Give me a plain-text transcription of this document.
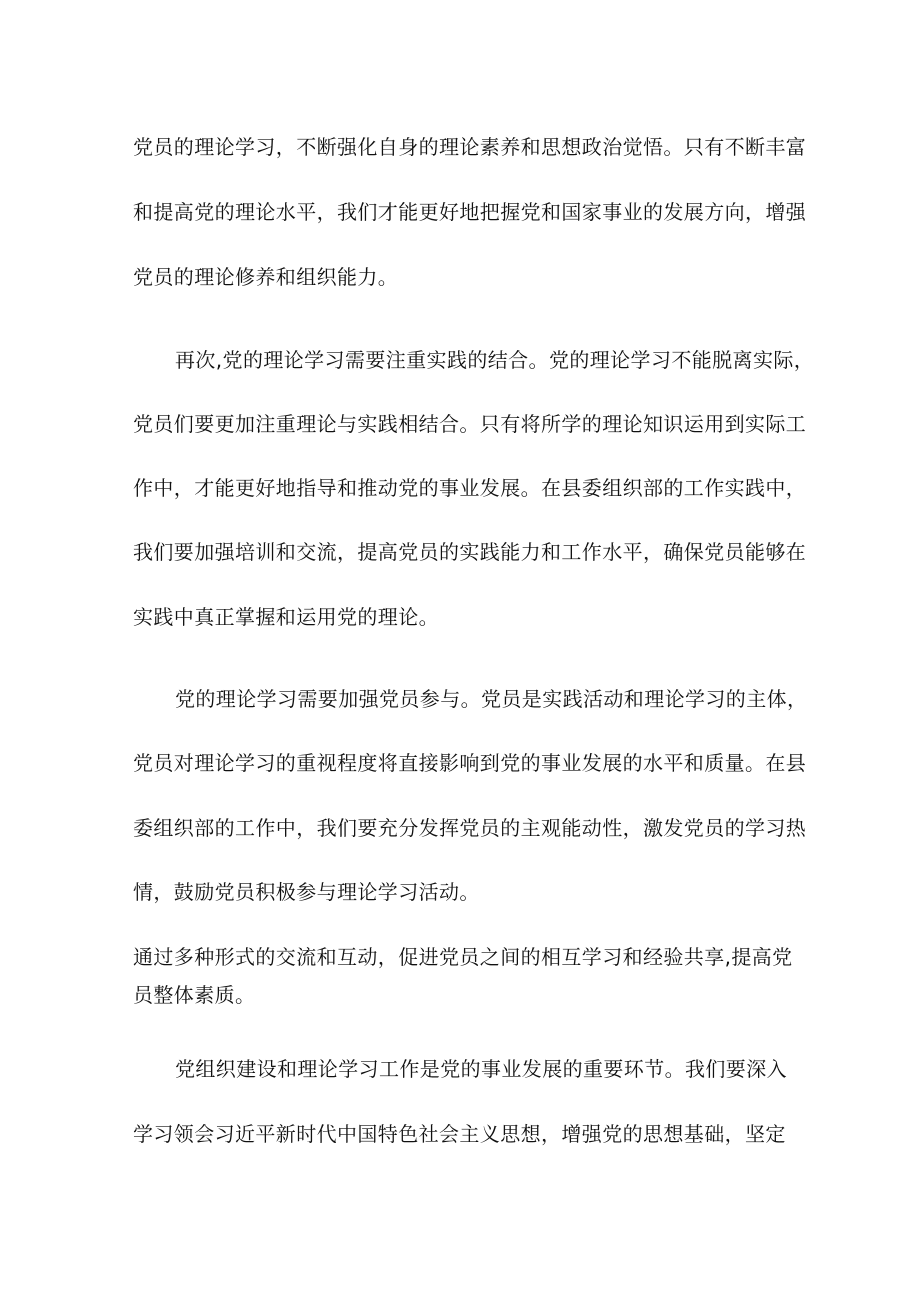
党员的理论学习，不断强化自身的理论素养和思想政治觉悟。只有不断丰富
和提高党的理论水平，我们才能更好地把握党和国家事业的发展方向，增强
党员的理论修养和组织能力。
再次,党的理论学习需要注重实践的结合。党的理论学习不能脱离实际，
党员们要更加注重理论与实践相结合。只有将所学的理论知识运用到实际工
作中，才能更好地指导和推动党的事业发展。在县委组织部的工作实践中，
我们要加强培训和交流，提高党员的实践能力和工作水平，确保党员能够在
实践中真正掌握和运用党的理论。
党的理论学习需要加强党员参与。党员是实践活动和理论学习的主体，
党员对理论学习的重视程度将直接影响到党的事业发展的水平和质量。在县
委组织部的工作中，我们要充分发挥党员的主观能动性，激发党员的学习热
情，鼓励党员积极参与理论学习活动。
通过多种形式的交流和互动，促进党员之间的相互学习和经验共享,提高党
员整体素质。
党组织建设和理论学习工作是党的事业发展的重要环节。我们要深入
学习领会习近平新时代中国特色社会主义思想，增强党的思想基础，坚定
